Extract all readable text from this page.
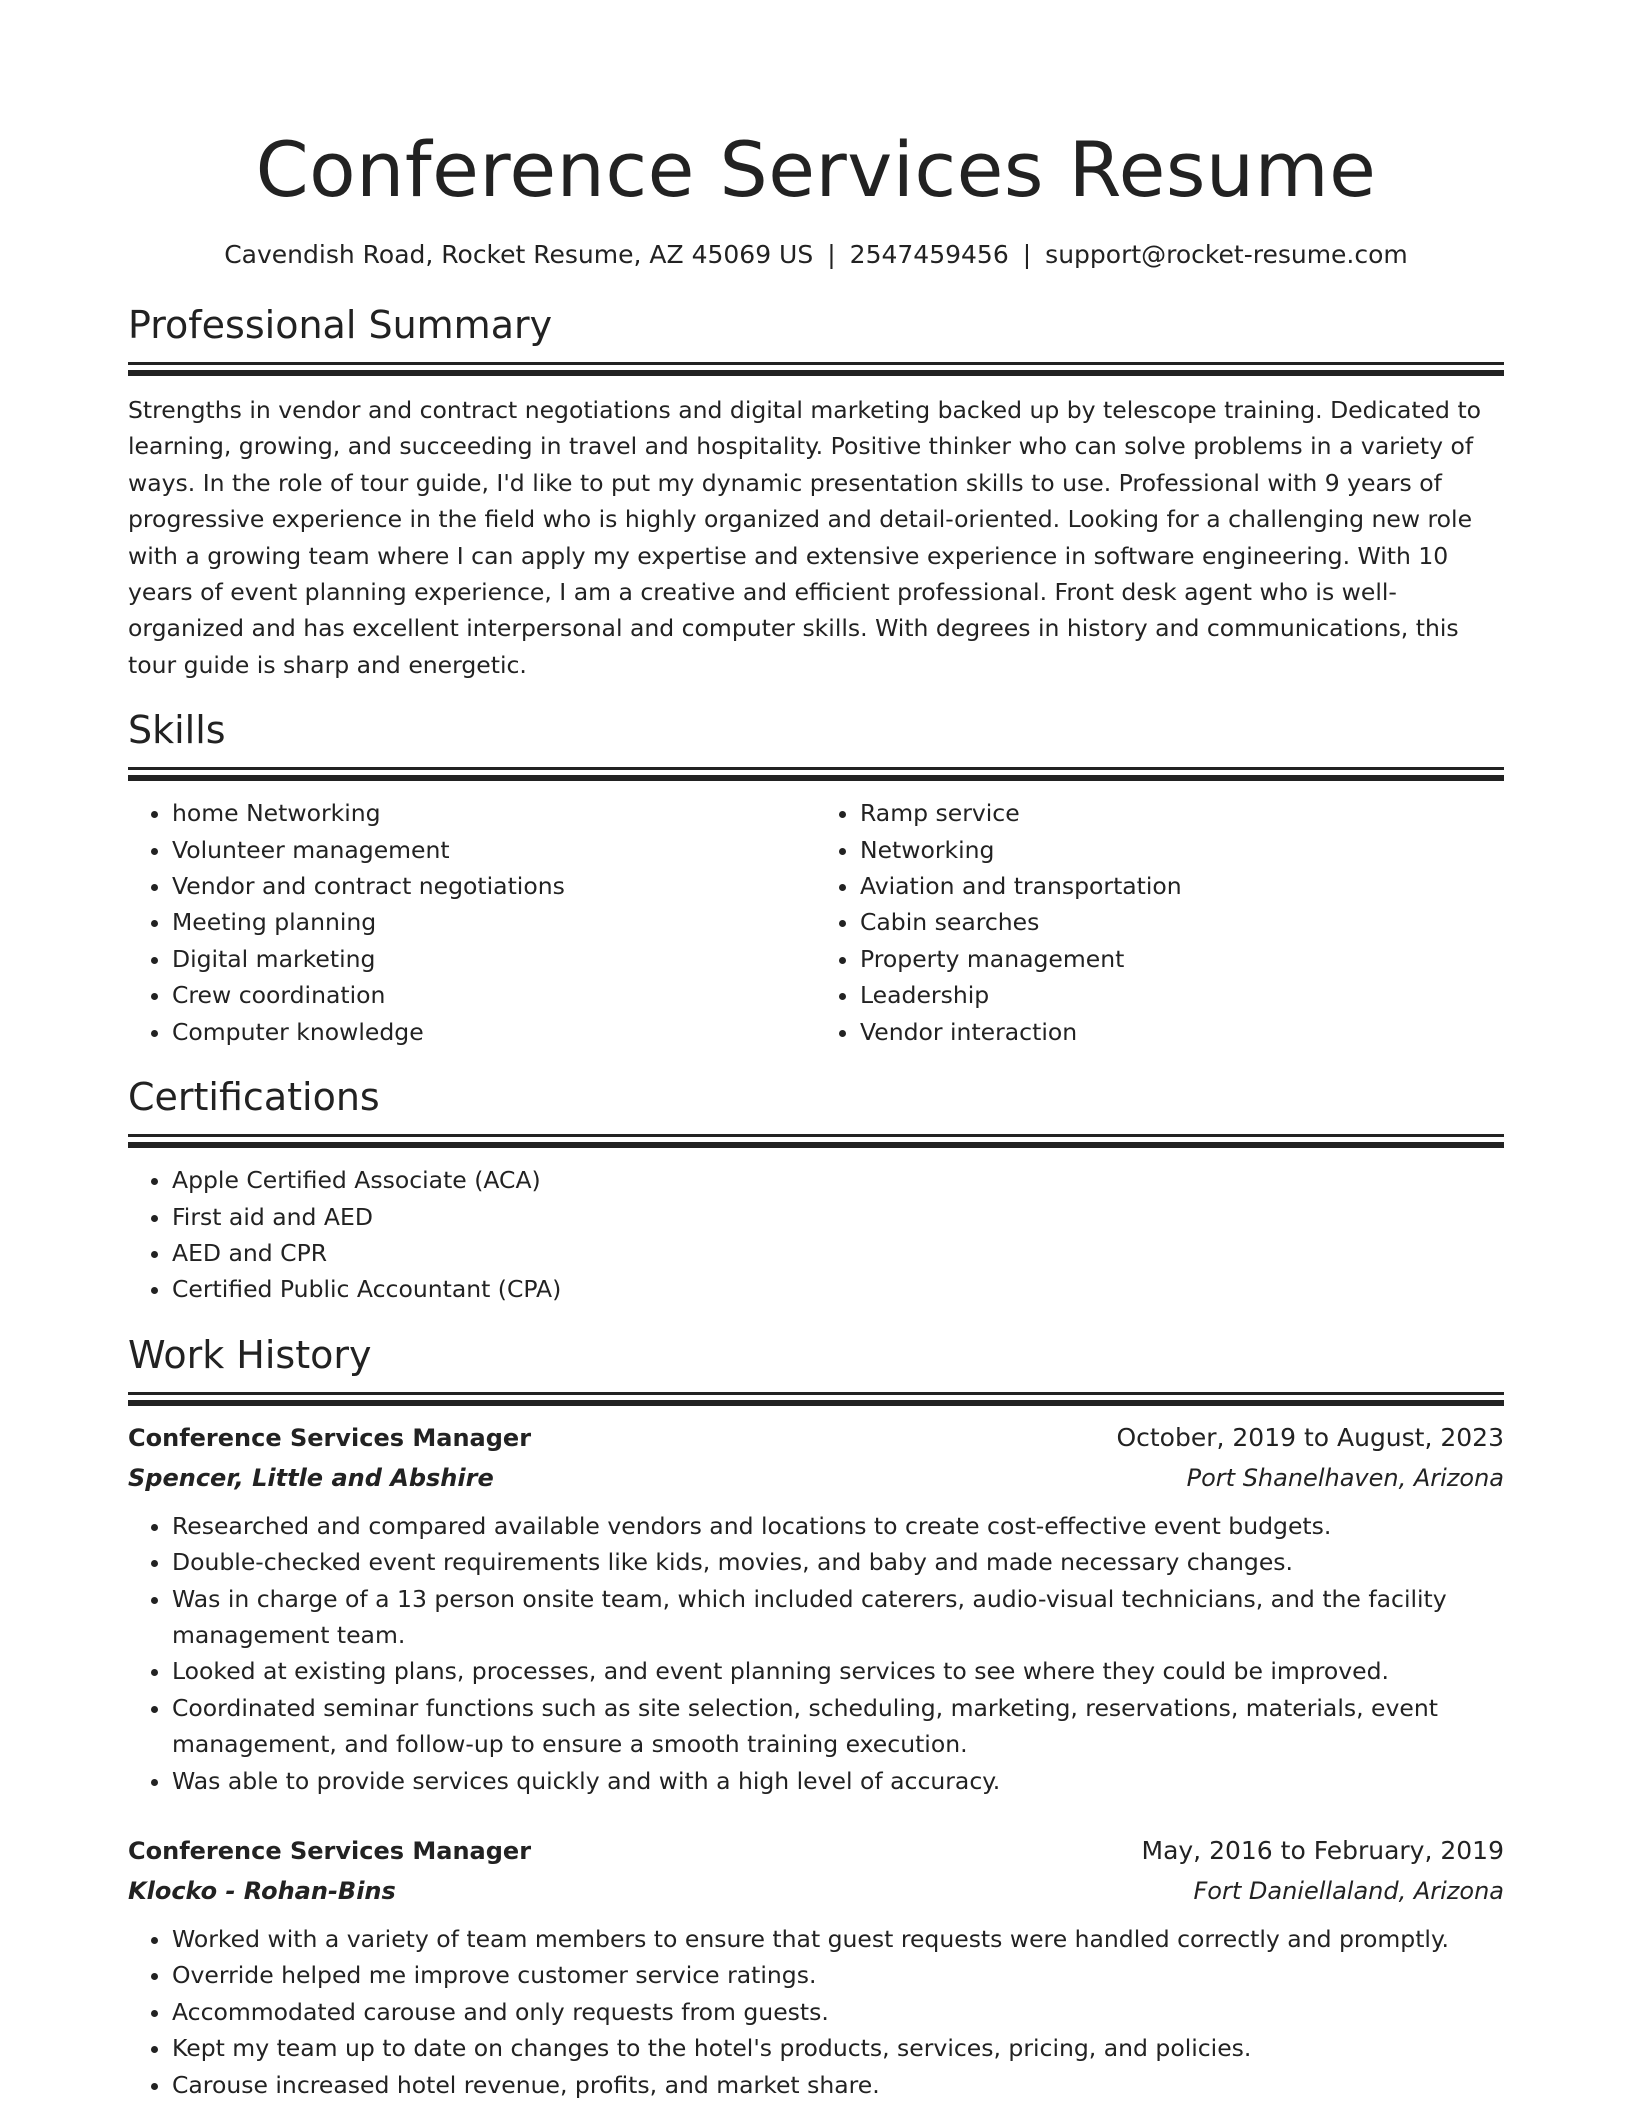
Conference Services Resume
Cavendish Road, Rocket Resume, AZ 45069 US | 2547459456 | support@rocket-resume.com
Professional Summary

Strengths in vendor and contract negotiations and digital marketing backed up by telescope training. Dedicated to learning, growing, and succeeding in travel and hospitality. Positive thinker who can solve problems in a variety of ways. In the role of tour guide, I'd like to put my dynamic presentation skills to use. Professional with 9 years of progressive experience in the field who is highly organized and detail-oriented. Looking for a challenging new role with a growing team where I can apply my expertise and extensive experience in software engineering. With 10 years of event planning experience, I am a creative and efficient professional. Front desk agent who is well-organized and has excellent interpersonal and computer skills. With degrees in history and communications, this tour guide is sharp and energetic.

Skills
• home Networking
• Volunteer management
• Vendor and contract negotiations
• Meeting planning
• Digital marketing
• Crew coordination
• Computer knowledge
• Ramp service
• Networking
• Aviation and transportation
• Cabin searches
• Property management
• Leadership
• Vendor interaction
Certifications
• Apple Certified Associate (ACA)
• First aid and AED
• AED and CPR
• Certified Public Accountant (CPA)
Work History
Conference Services Manager	October, 2019 to August, 2023
Spencer, Little and Abshire	Port Shanelhaven, Arizona
• Researched and compared available vendors and locations to create cost-effective event budgets.
• Double-checked event requirements like kids, movies, and baby and made necessary changes.
• Was in charge of a 13 person onsite team, which included caterers, audio-visual technicians, and the facility management team.
• Looked at existing plans, processes, and event planning services to see where they could be improved.
• Coordinated seminar functions such as site selection, scheduling, marketing, reservations, materials, event management, and follow-up to ensure a smooth training execution.
• Was able to provide services quickly and with a high level of accuracy.
Conference Services Manager	May, 2016 to February, 2019
Klocko - Rohan-Bins	Fort Daniellaland, Arizona
• Worked with a variety of team members to ensure that guest requests were handled correctly and promptly.
• Override helped me improve customer service ratings.
• Accommodated carouse and only requests from guests.
• Kept my team up to date on changes to the hotel's products, services, pricing, and policies.
• Carouse increased hotel revenue, profits, and market share.
